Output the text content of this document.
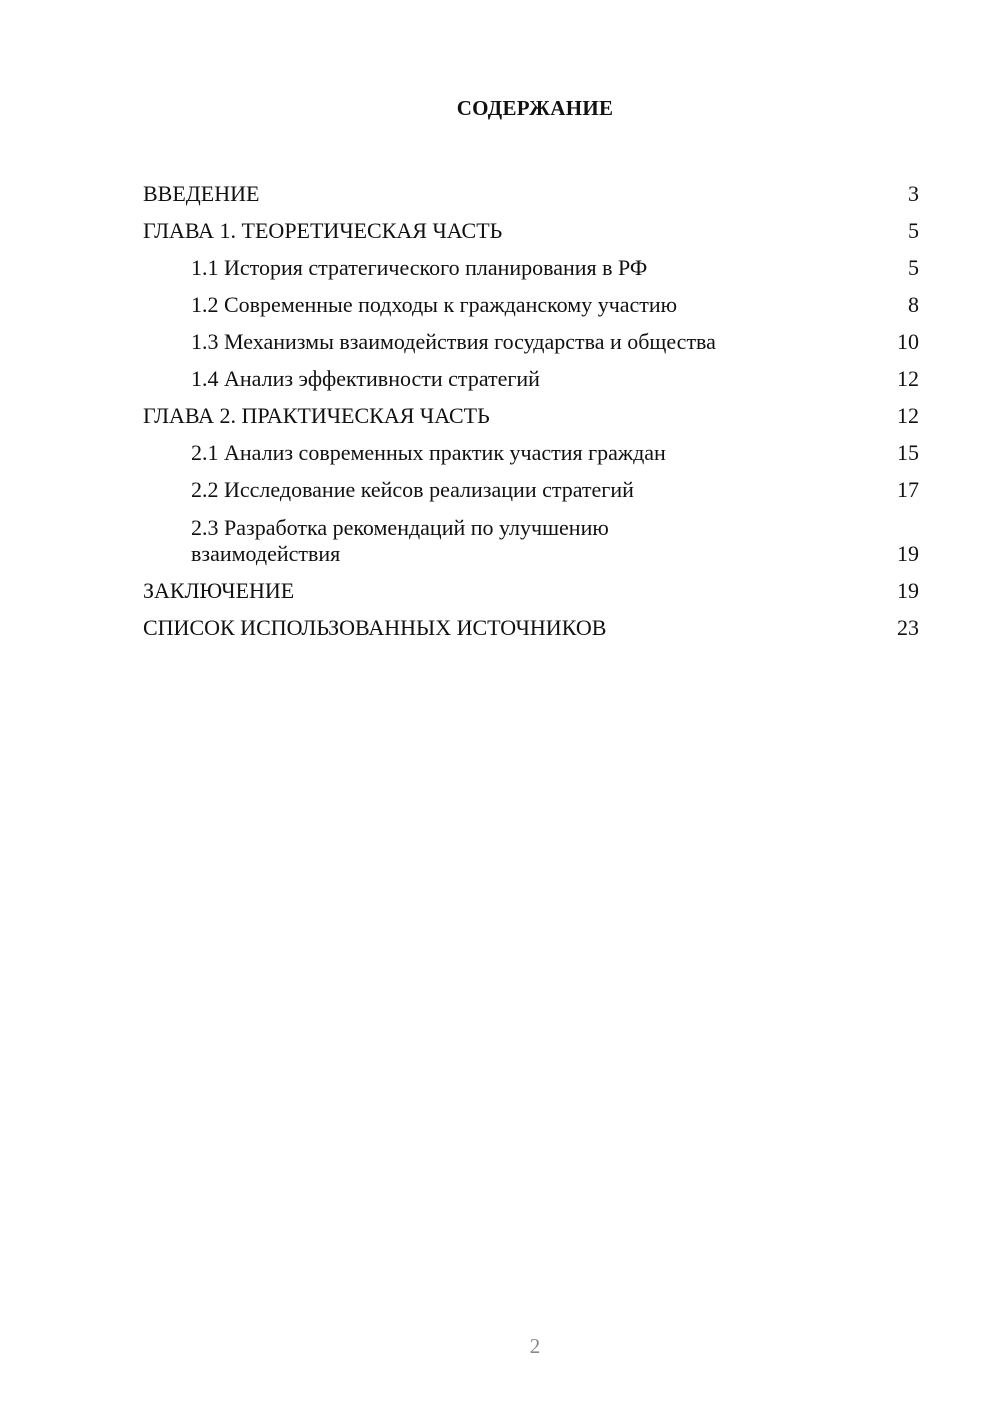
СОДЕРЖАНИЕ
ВВЕДЕНИЕ	3
ГЛАВА 1. ТЕОРЕТИЧЕСКАЯ ЧАСТЬ	5
1.1 История стратегического планирования в РФ	5
1.2 Современные подходы к гражданскому участию	8
1.3 Механизмы взаимодействия государства и общества	10
1.4 Анализ эффективности стратегий	12
ГЛАВА 2. ПРАКТИЧЕСКАЯ ЧАСТЬ	12
2.1 Анализ современных практик участия граждан	15
2.2 Исследование кейсов реализации стратегий	17
2.3 Разработка рекомендаций по улучшению взаимодействия	19
ЗАКЛЮЧЕНИЕ	19
СПИСОК ИСПОЛЬЗОВАННЫХ ИСТОЧНИКОВ	23
2
